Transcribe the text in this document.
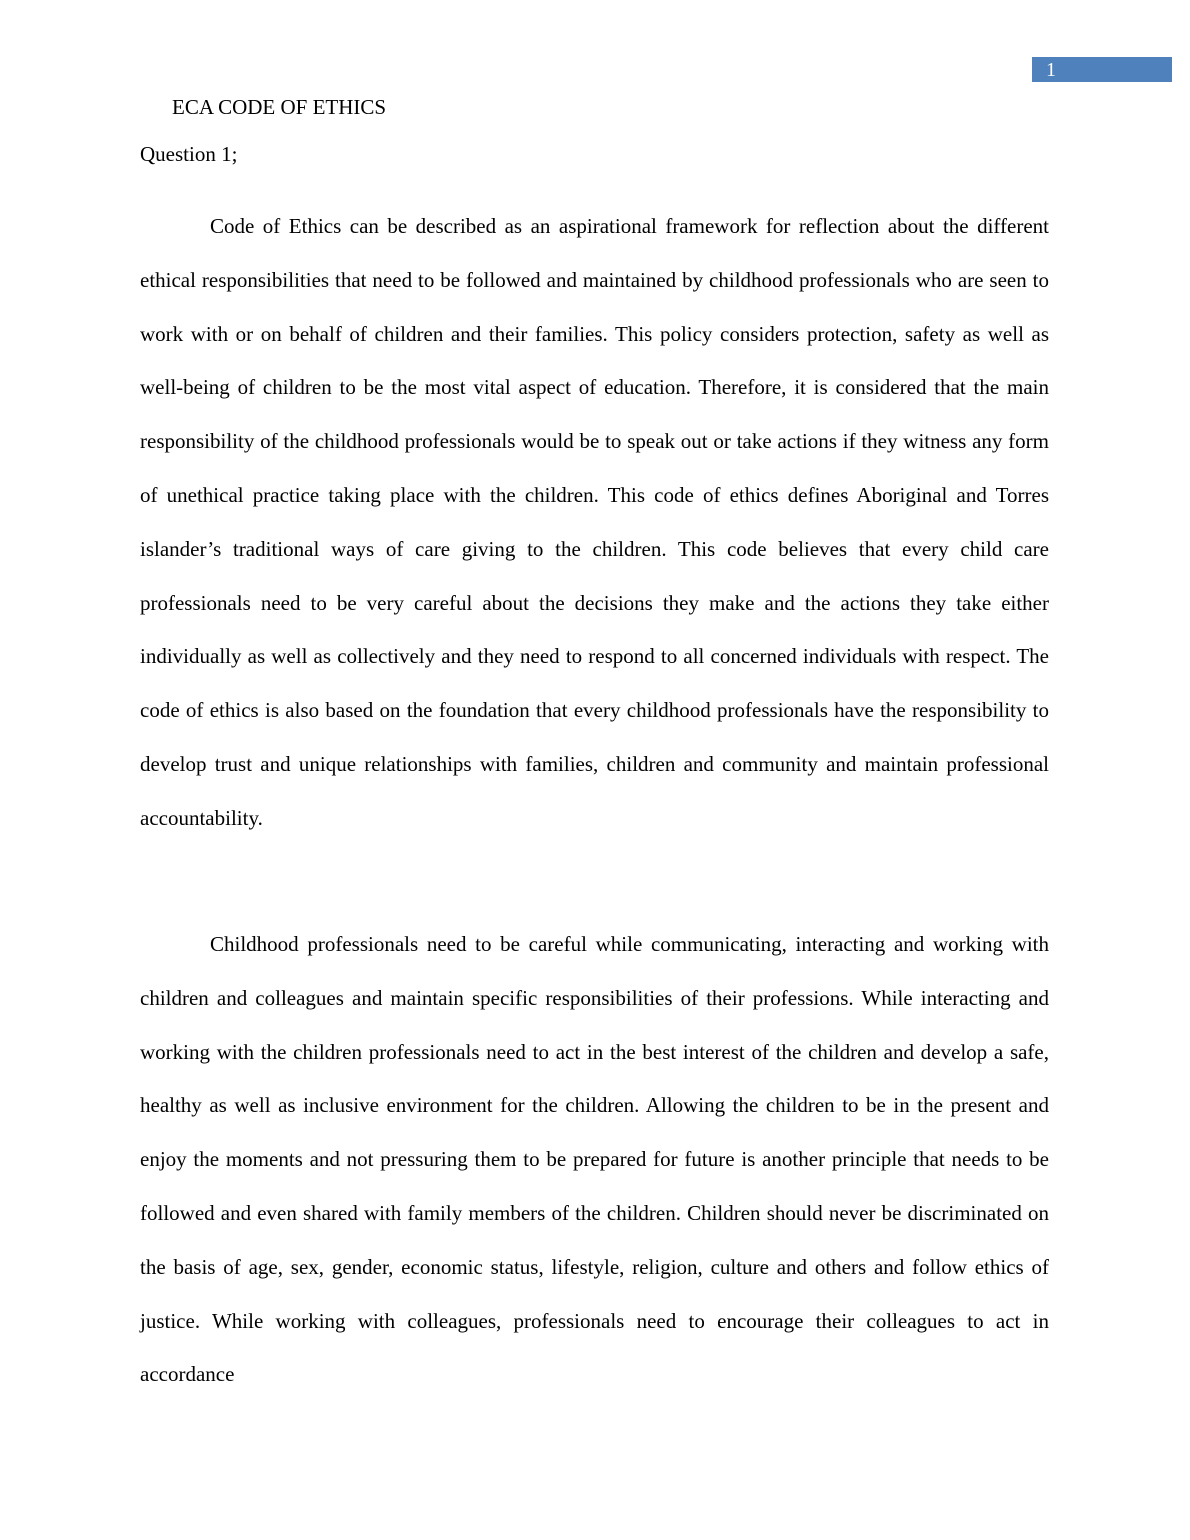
1
ECA CODE OF ETHICS
Question 1;

Code of Ethics can be described as an aspirational framework for reflection about the different ethical responsibilities that need to be followed and maintained by childhood professionals who are seen to work with or on behalf of children and their families. This policy considers protection, safety as well as well-being of children to be the most vital aspect of education. Therefore, it is considered that the main responsibility of the childhood professionals would be to speak out or take actions if they witness any form of unethical practice taking place with the children. This code of ethics defines Aboriginal and Torres islander’s traditional ways of care giving to the children. This code believes that every child care professionals need to be very careful about the decisions they make and the actions they take either individually as well as collectively and they need to respond to all concerned individuals with respect. The code of ethics is also based on the foundation that every childhood professionals have the responsibility to develop trust and unique relationships with families, children and community and maintain professional accountability.

Childhood professionals need to be careful while communicating, interacting and working with children and colleagues and maintain specific responsibilities of their professions. While interacting and working with the children professionals need to act in the best interest of the children and develop a safe, healthy as well as inclusive environment for the children. Allowing the children to be in the present and enjoy the moments and not pressuring them to be prepared for future is another principle that needs to be followed and even shared with family members of the children. Children should never be discriminated on the basis of age, sex, gender, economic status, lifestyle, religion, culture and others and follow ethics of justice. While working with colleagues, professionals need to encourage their colleagues to act in accordance
